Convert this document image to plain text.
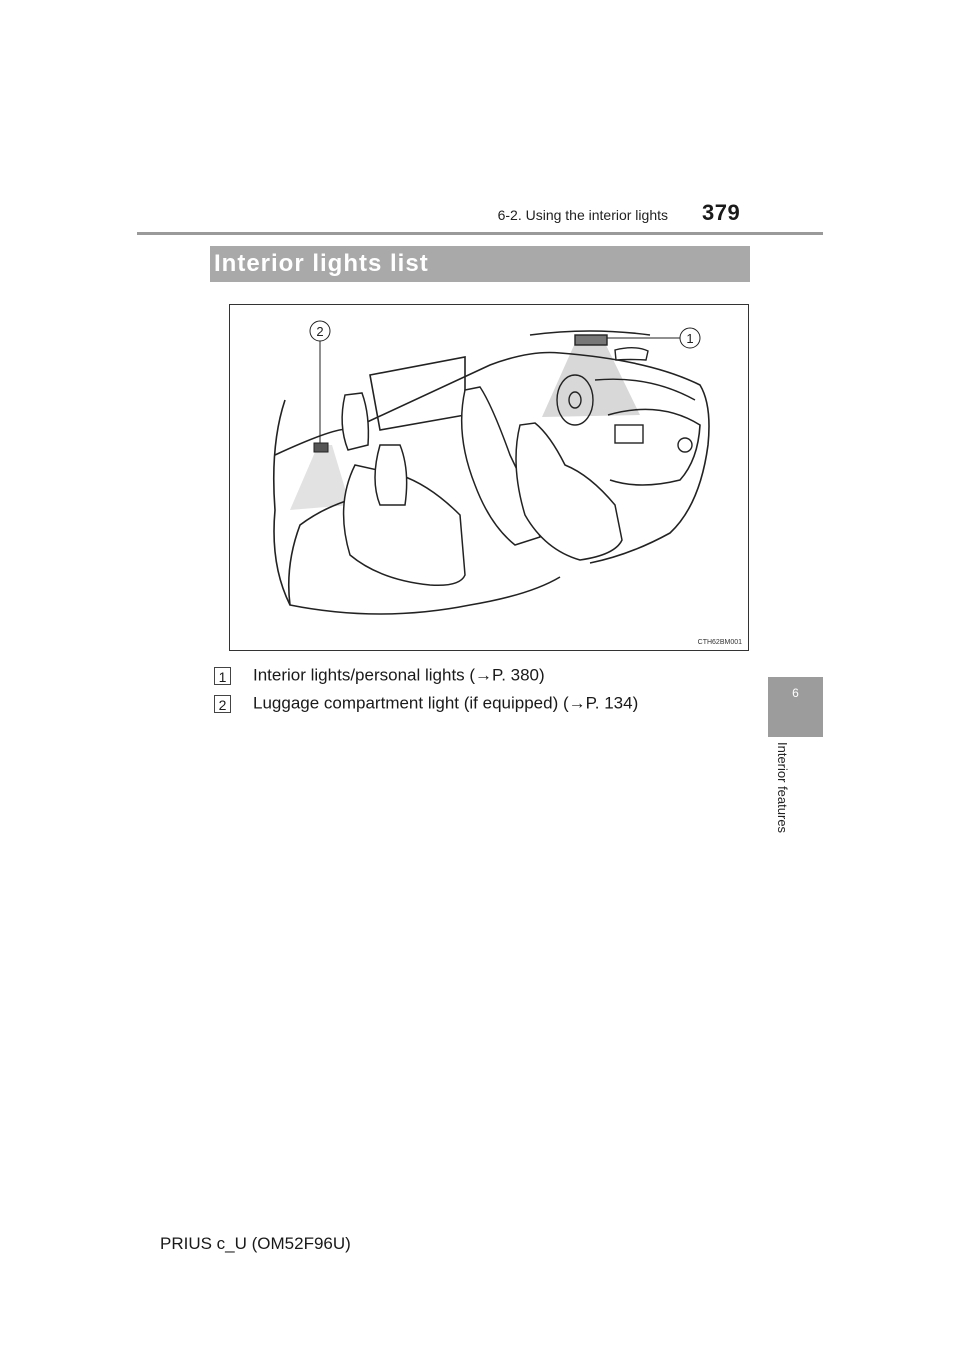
6-2. Using the interior lights 379
6
Interior features
Interior lights list
1
2
CTH62BM001
1 Interior lights/personal lights (→P. 380)
2 Luggage compartment light (if equipped) (→P. 134)
PRIUS c_U (OM52F96U)
